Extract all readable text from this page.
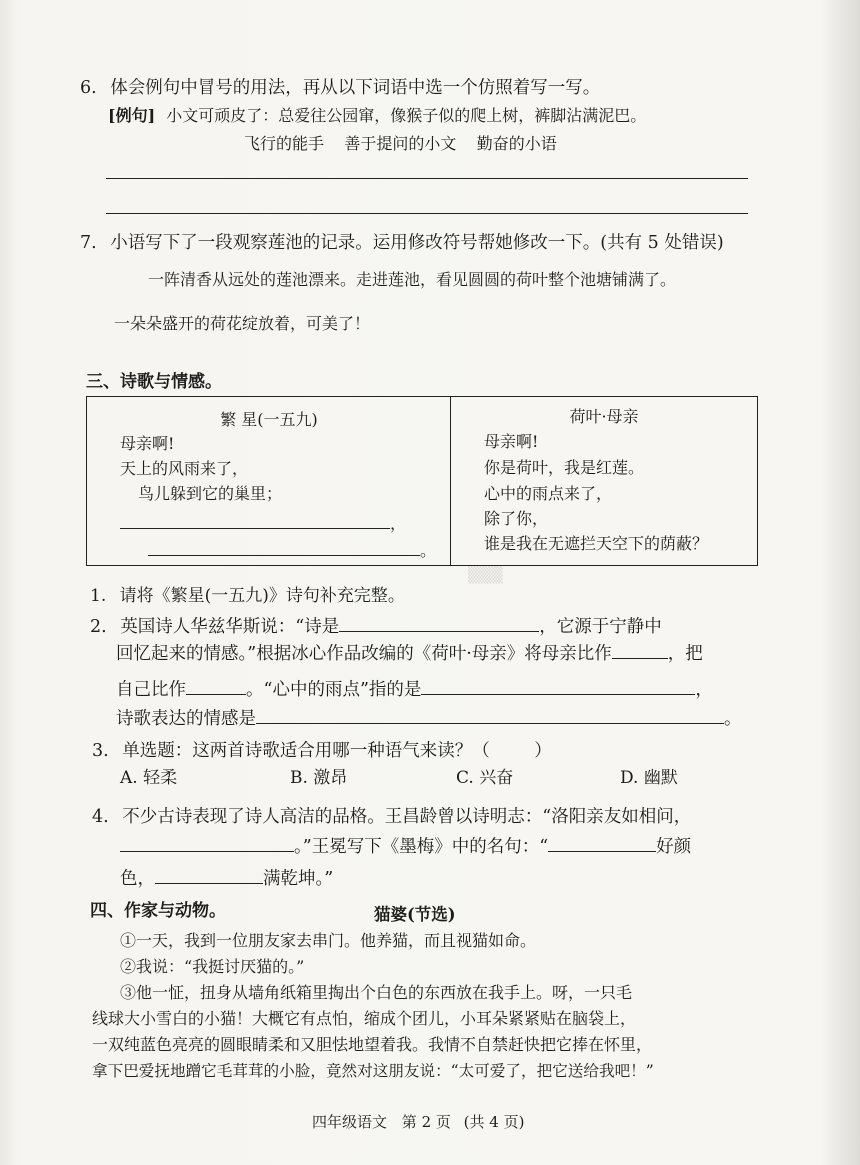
6. 体会例句中冒号的用法，再从以下词语中选一个仿照着写一写。
[例句] 小文可顽皮了：总爱往公园窜，像猴子似的爬上树，裤脚沾满泥巴。
飞行的能手    善于提问的小文    勤奋的小语
7. 小语写下了一段观察莲池的记录。运用修改符号帮她修改一下。(共有 5 处错误)
一阵清香从远处的莲池漂来。走进莲池，看见圆圆的荷叶整个池塘铺满了。
一朵朵盛开的荷花绽放着，可美了！
三、诗歌与情感。
繁 星(一五九)
母亲啊!
天上的风雨来了，
鸟儿躲到它的巢里；
，
。
荷叶·母亲
母亲啊!
你是荷叶，我是红莲。
心中的雨点来了，
除了你，
谁是我在无遮拦天空下的荫蔽？
▒▒▒
1. 请将《繁星(一五九)》诗句补充完整。
2. 英国诗人华兹华斯说：“诗是	，它源于宁静中
回忆起来的情感。”根据冰心作品改编的《荷叶·母亲》将母亲比作	，把
自己比作	。“心中的雨点”指的是	，
诗歌表达的情感是	。
3. 单选题：这两首诗歌适合用哪一种语气来读？（        ）
A. 轻柔	B. 激昂	C. 兴奋	D. 幽默
4. 不少古诗表现了诗人高洁的品格。王昌龄曾以诗明志：“洛阳亲友如相问，
。”王冕写下《墨梅》中的名句：“	好颜
色，	满乾坤。”
四、作家与动物。	猫婆(节选)
①一天，我到一位朋友家去串门。他养猫，而且视猫如命。
②我说：“我挺讨厌猫的。”
③他一怔，扭身从墙角纸箱里掏出个白色的东西放在我手上。呀，一只毛
线球大小雪白的小猫！大概它有点怕，缩成个团儿，小耳朵紧紧贴在脑袋上，
一双纯蓝色亮亮的圆眼睛柔和又胆怯地望着我。我情不自禁赶快把它捧在怀里，
拿下巴爱抚地蹭它毛茸茸的小脸，竟然对这朋友说：“太可爱了，把它送给我吧！”
四年级语文 第 2 页 (共 4 页)
